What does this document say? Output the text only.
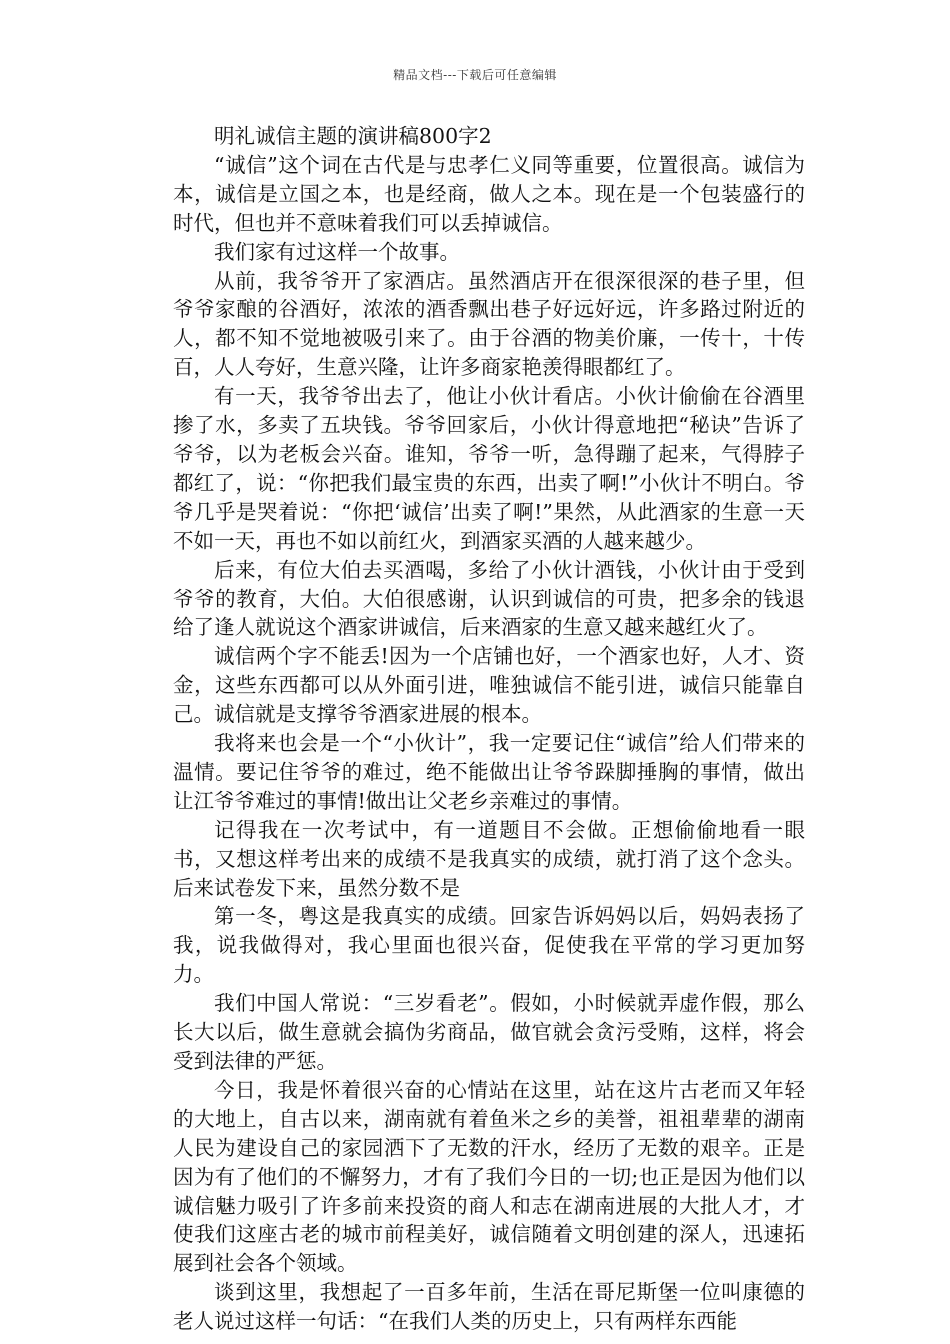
精品文档---下载后可任意编辑

明礼诚信主题的演讲稿800字2

“诚信”这个词在古代是与忠孝仁义同等重要，位置很高。诚信为本，诚信是立国之本，也是经商，做人之本。现在是一个包装盛行的时代，但也并不意味着我们可以丢掉诚信。

我们家有过这样一个故事。

从前，我爷爷开了家酒店。虽然酒店开在很深很深的巷子里，但爷爷家酿的谷酒好，浓浓的酒香飘出巷子好远好远，许多路过附近的人，都不知不觉地被吸引来了。由于谷酒的物美价廉，一传十，十传百，人人夸好，生意兴隆，让许多商家艳羡得眼都红了。

有一天，我爷爷出去了，他让小伙计看店。小伙计偷偷在谷酒里掺了水，多卖了五块钱。爷爷回家后，小伙计得意地把“秘诀”告诉了爷爷，以为老板会兴奋。谁知，爷爷一听，急得蹦了起来，气得脖子都红了，说：“你把我们最宝贵的东西，出卖了啊!”小伙计不明白。爷爷几乎是哭着说：“你把‘诚信’出卖了啊!”果然，从此酒家的生意一天不如一天，再也不如以前红火，到酒家买酒的人越来越少。

后来，有位大伯去买酒喝，多给了小伙计酒钱，小伙计由于受到爷爷的教育，大伯。大伯很感谢，认识到诚信的可贵，把多余的钱退给了逢人就说这个酒家讲诚信，后来酒家的生意又越来越红火了。

诚信两个字不能丢!因为一个店铺也好，一个酒家也好，人才、资金，这些东西都可以从外面引进，唯独诚信不能引进，诚信只能靠自己。诚信就是支撑爷爷酒家进展的根本。

我将来也会是一个“小伙计”，我一定要记住“诚信”给人们带来的温情。要记住爷爷的难过，绝不能做出让爷爷跺脚捶胸的事情，做出让江爷爷难过的事情!做出让父老乡亲难过的事情。

记得我在一次考试中，有一道题目不会做。正想偷偷地看一眼书，又想这样考出来的成绩不是我真实的成绩，就打消了这个念头。后来试卷发下来，虽然分数不是

第一冬，粤这是我真实的成绩。回家告诉妈妈以后，妈妈表扬了我，说我做得对，我心里面也很兴奋，促使我在平常的学习更加努力。

我们中国人常说：“三岁看老”。假如，小时候就弄虚作假，那么长大以后，做生意就会搞伪劣商品，做官就会贪污受贿，这样，将会受到法律的严惩。

今日，我是怀着很兴奋的心情站在这里，站在这片古老而又年轻的大地上，自古以来，湖南就有着鱼米之乡的美誉，祖祖辈辈的湖南人民为建设自己的家园洒下了无数的汗水，经历了无数的艰辛。正是因为有了他们的不懈努力，才有了我们今日的一切;也正是因为他们以诚信魅力吸引了许多前来投资的商人和志在湖南进展的大批人才，才使我们这座古老的城市前程美好，诚信随着文明创建的深人，迅速拓展到社会各个领域。

谈到这里，我想起了一百多年前，生活在哥尼斯堡一位叫康德的老人说过这样一句话：“在我们人类的历史上，只有两样东西能
